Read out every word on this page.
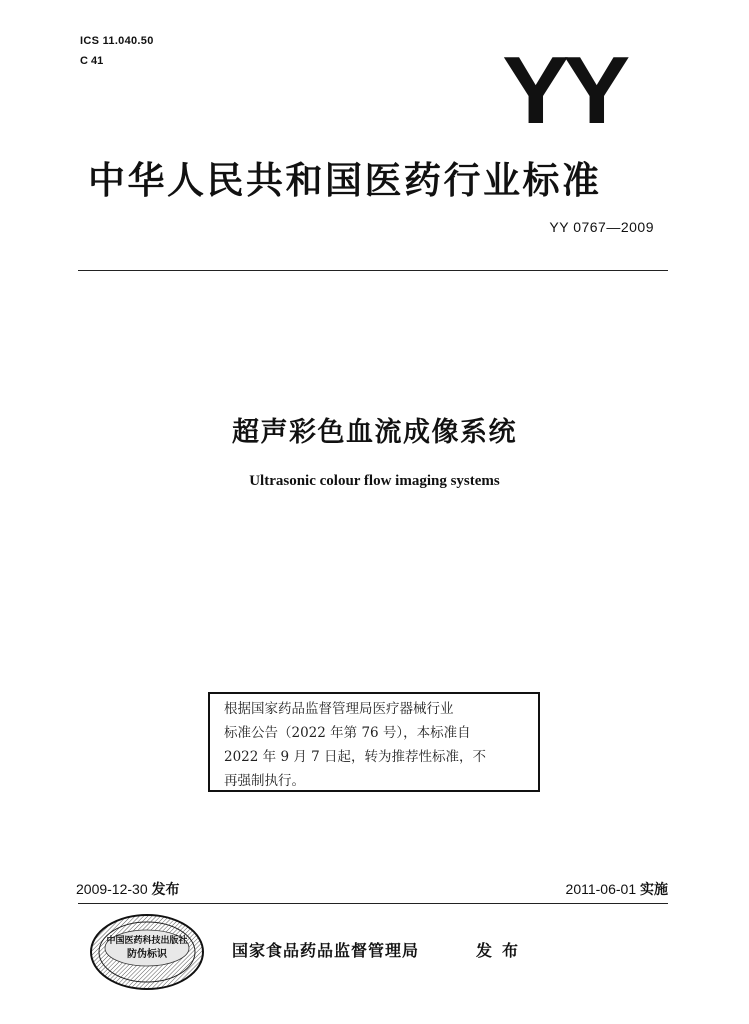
ICS 11.040.50
C 41	YY
中华人民共和国医药行业标准
YY 0767—2009
超声彩色血流成像系统
Ultrasonic colour flow imaging systems
根据国家药品监督管理局医疗器械行业
标准公告（2022 年第 76 号），本标准自
2022 年 9 月 7 日起，转为推荐性标准，不
再强制执行。
2009-12-30 发布	2011-06-01 实施
中国医药科技出版社
防伪标识	国家食品药品监督管理局	发布
